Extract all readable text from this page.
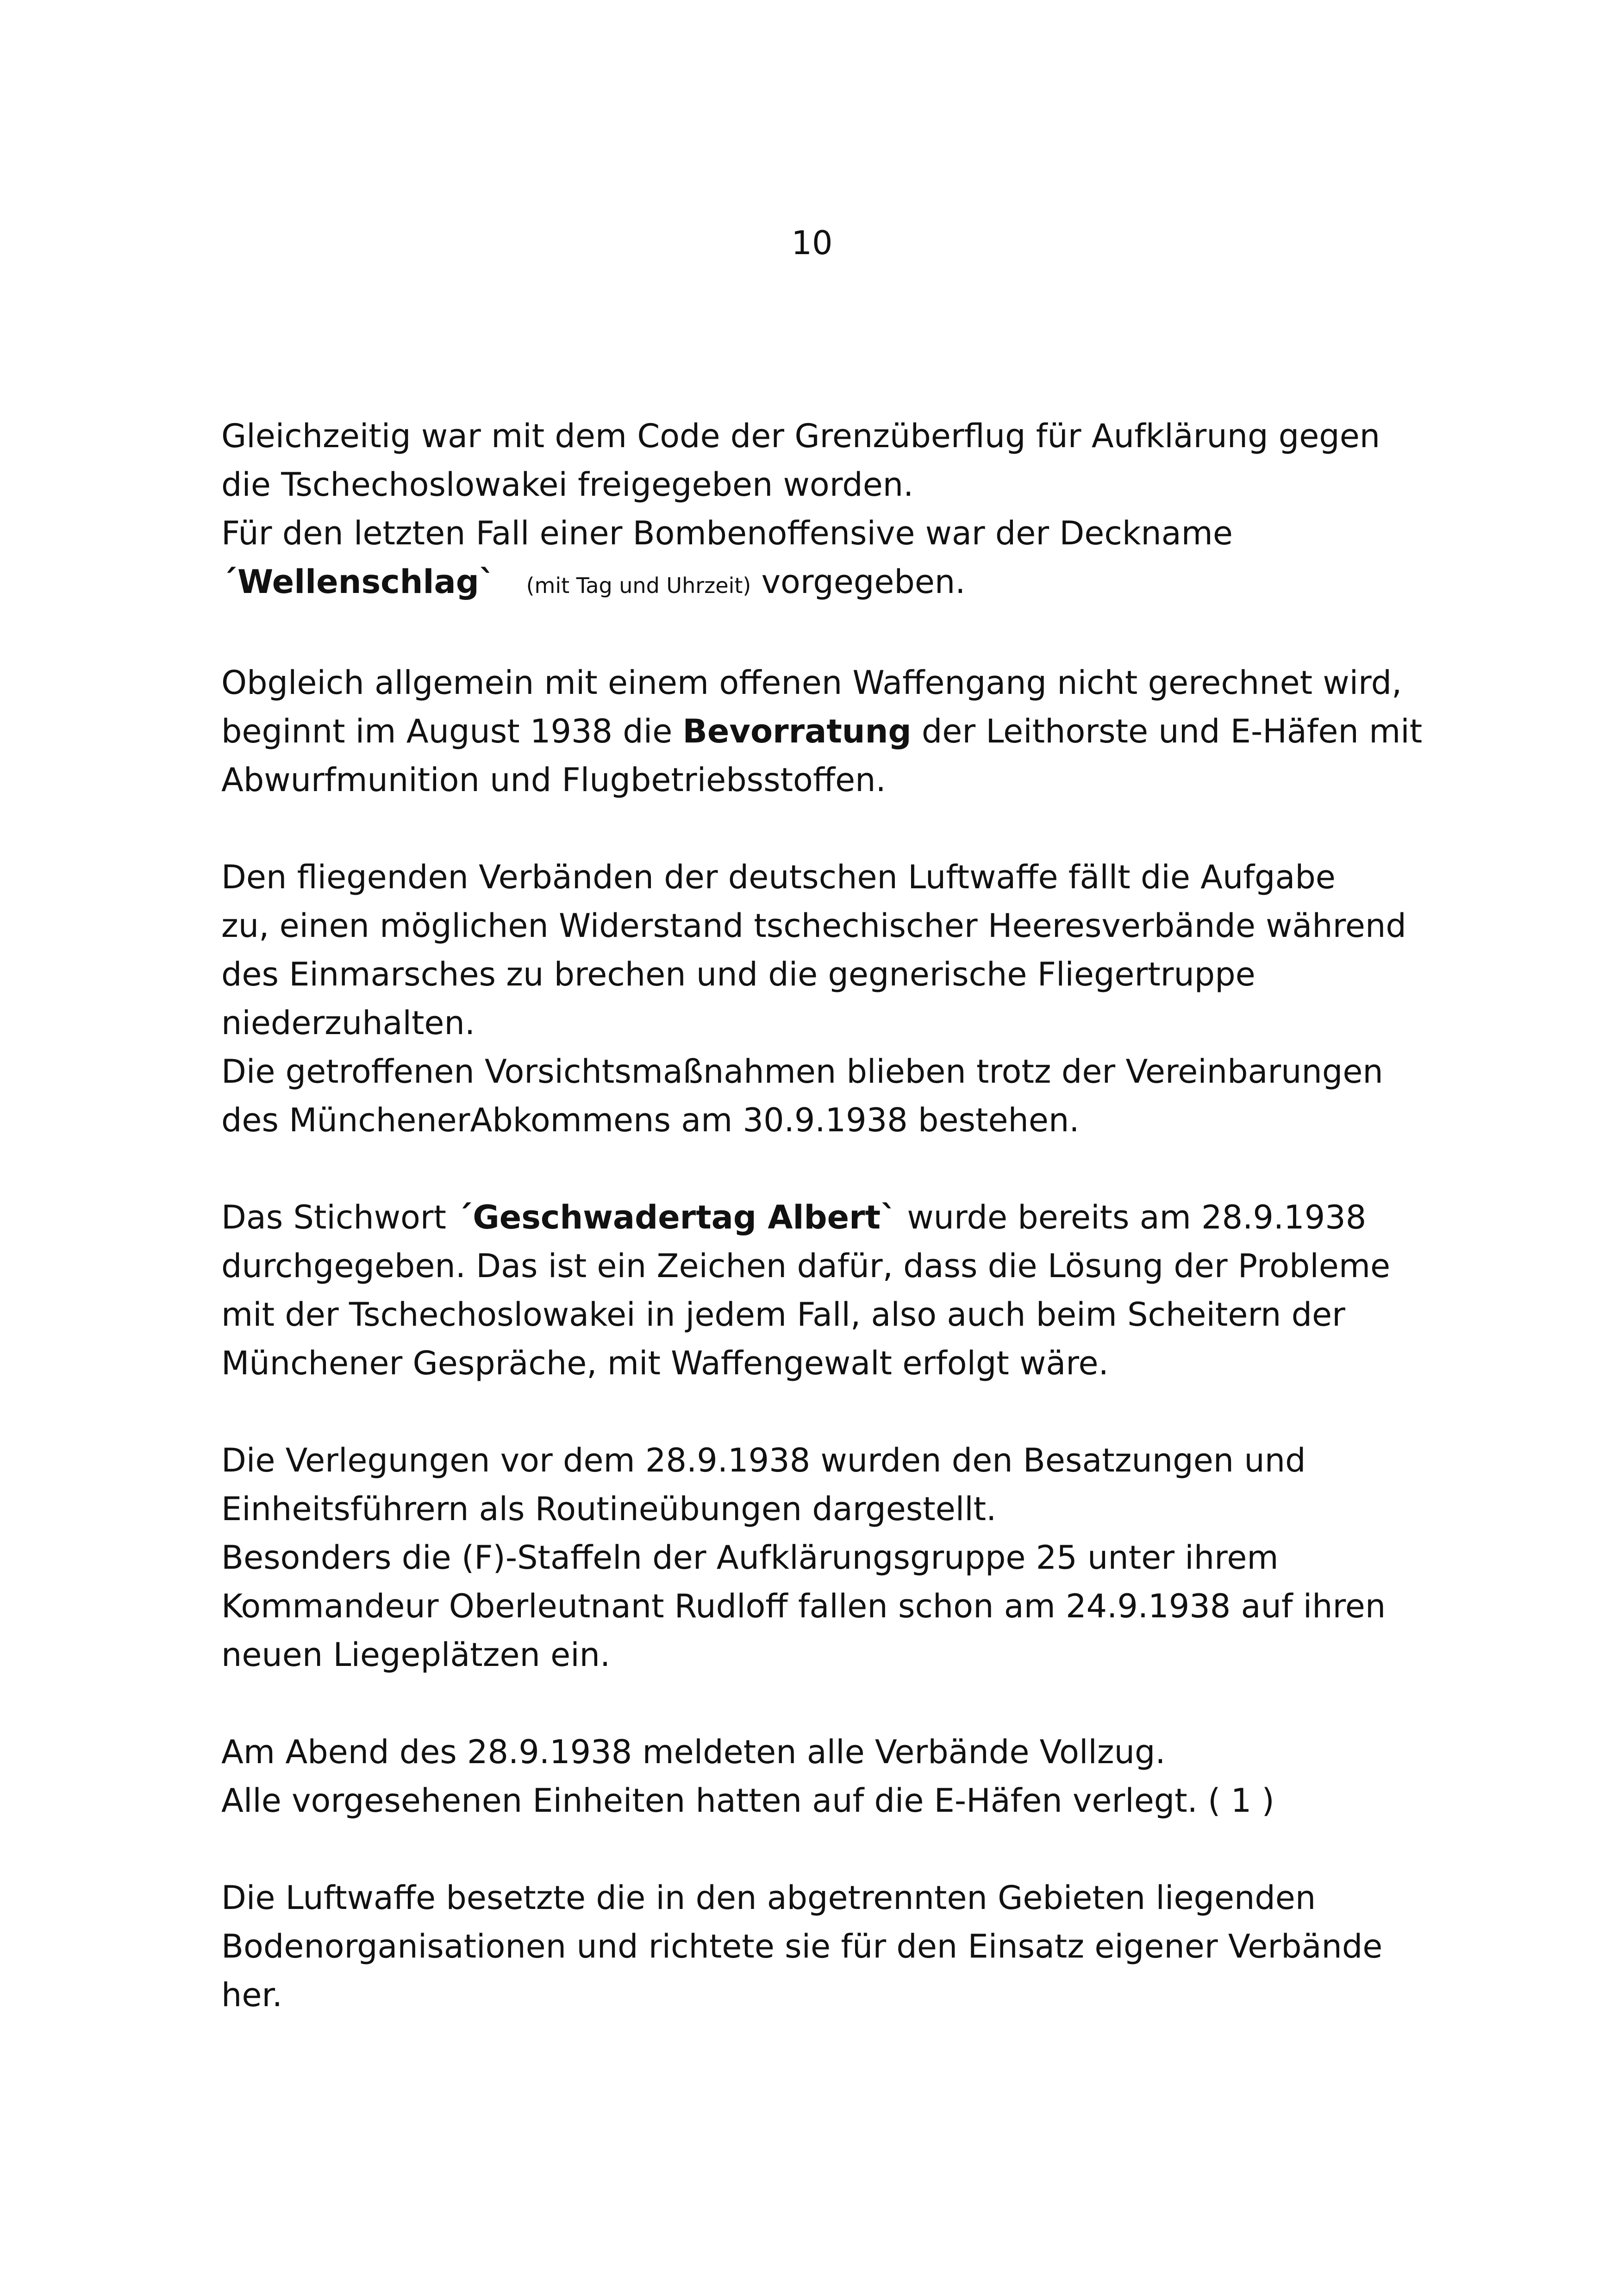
10

Gleichzeitig war mit dem Code der Grenzüberflug für Aufklärung gegen
die Tschechoslowakei freigegeben worden.
Für den letzten Fall einer Bombenoffensive war der Deckname
´Wellenschlag` (mit Tag und Uhrzeit) vorgegeben.

Obgleich allgemein mit einem offenen Waffengang nicht gerechnet wird,
beginnt im August 1938 die Bevorratung der Leithorste und E-Häfen mit
Abwurfmunition und Flugbetriebsstoffen.

Den fliegenden Verbänden der deutschen Luftwaffe fällt die Aufgabe
zu, einen möglichen Widerstand tschechischer Heeresverbände während
des Einmarsches zu brechen und die gegnerische Fliegertruppe
niederzuhalten.
Die getroffenen Vorsichtsmaßnahmen blieben trotz der Vereinbarungen
des MünchenerAbkommens am 30.9.1938 bestehen.

Das Stichwort ´Geschwadertag Albert` wurde bereits am 28.9.1938
durchgegeben. Das ist ein Zeichen dafür, dass die Lösung der Probleme
mit der Tschechoslowakei in jedem Fall, also auch beim Scheitern der
Münchener Gespräche, mit Waffengewalt erfolgt wäre.

Die Verlegungen vor dem 28.9.1938 wurden den Besatzungen und
Einheitsführern als Routineübungen dargestellt.
Besonders die (F)-Staffeln der Aufklärungsgruppe 25 unter ihrem
Kommandeur Oberleutnant Rudloff fallen schon am 24.9.1938 auf ihren
neuen Liegeplätzen ein.

Am Abend des 28.9.1938 meldeten alle Verbände Vollzug.
Alle vorgesehenen Einheiten hatten auf die E-Häfen verlegt. ( 1 )

Die Luftwaffe besetzte die in den abgetrennten Gebieten liegenden
Bodenorganisationen und richtete sie für den Einsatz eigener Verbände
her.
